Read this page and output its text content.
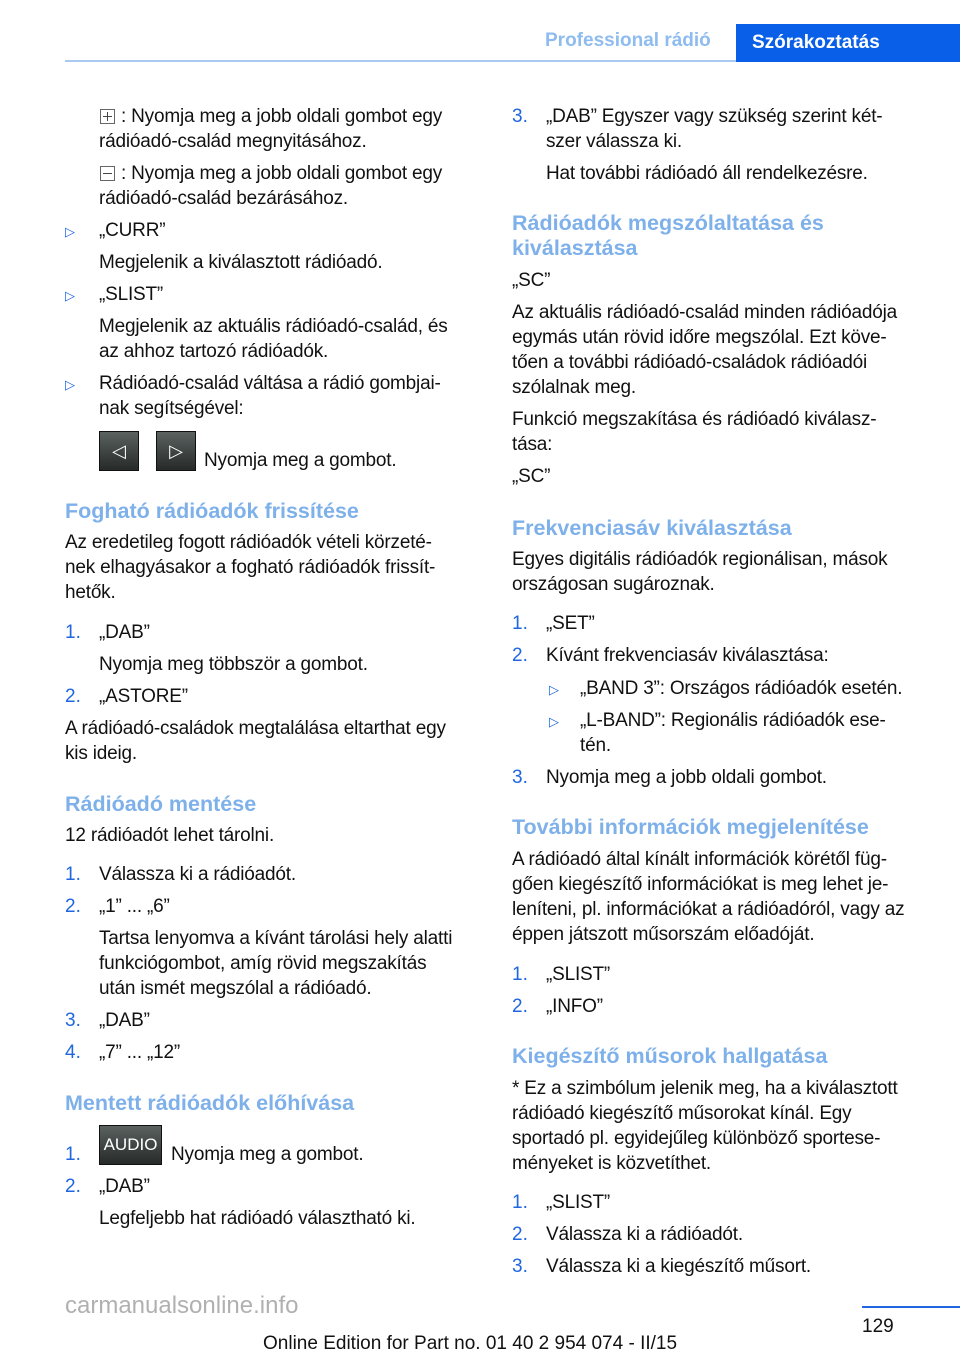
Professional rádió	Szórakoztatás
: Nyomja meg a jobb oldali gombot egy
rádióadó-család megnyitásához.
: Nyomja meg a jobb oldali gombot egy
rádióadó-család bezárásához.
▷ „CURR”
Megjelenik a kiválasztott rádióadó.
▷ „SLIST”
Megjelenik az aktuális rádióadó-család, és
az ahhoz tartozó rádióadók.
▷ Rádióadó-család váltása a rádió gombjai-
nak segítségével:
◁	▷	Nyomja meg a gombot.
Fogható rádióadók frissítése
Az eredetileg fogott rádióadók vételi körzeté-
nek elhagyásakor a fogható rádióadók frissít-
hetők.
1. „DAB”
Nyomja meg többször a gombot.
2. „ASTORE”
A rádióadó-családok megtalálása eltarthat egy
kis ideig.
Rádióadó mentése
12 rádióadót lehet tárolni.
1. Válassza ki a rádióadót.
2. „1” ... „6”
Tartsa lenyomva a kívánt tárolási hely alatti
funkciógombot, amíg rövid megszakítás
után ismét megszólal a rádióadó.
3. „DAB”
4. „7” ... „12”
Mentett rádióadók előhívása
1. AUDIO Nyomja meg a gombot.
2. „DAB”
Legfeljebb hat rádióadó választható ki.
3. „DAB” Egyszer vagy szükség szerint két-
szer válassza ki.
Hat további rádióadó áll rendelkezésre.
Rádióadók megszólaltatása és
kiválasztása
„SC”
Az aktuális rádióadó-család minden rádióadója
egymás után rövid időre megszólal. Ezt köve-
tően a további rádióadó-családok rádióadói
szólalnak meg.
Funkció megszakítása és rádióadó kiválasz-
tása:
„SC”
Frekvenciasáv kiválasztása
Egyes digitális rádióadók regionálisan, mások
országosan sugároznak.
1. „SET”
2. Kívánt frekvenciasáv kiválasztása:
▷ „BAND 3”: Országos rádióadók esetén.
▷ „L-BAND”: Regionális rádióadók ese-
tén.
3. Nyomja meg a jobb oldali gombot.
További információk megjelenítése
A rádióadó által kínált információk körétől füg-
gően kiegészítő információkat is meg lehet je-
leníteni, pl. információkat a rádióadóról, vagy az
éppen játszott műsorszám előadóját.
1. „SLIST”
2. „INFO”
Kiegészítő műsorok hallgatása
* Ez a szimbólum jelenik meg, ha a kiválasztott
rádióadó kiegészítő műsorokat kínál. Egy
sportadó pl. egyidejűleg különböző sportese-
ményeket is közvetíthet.
1. „SLIST”
2. Válassza ki a rádióadót.
3. Válassza ki a kiegészítő műsort.
129
Online Edition for Part no. 01 40 2 954 074 - II/15
carmanualsonline.info
